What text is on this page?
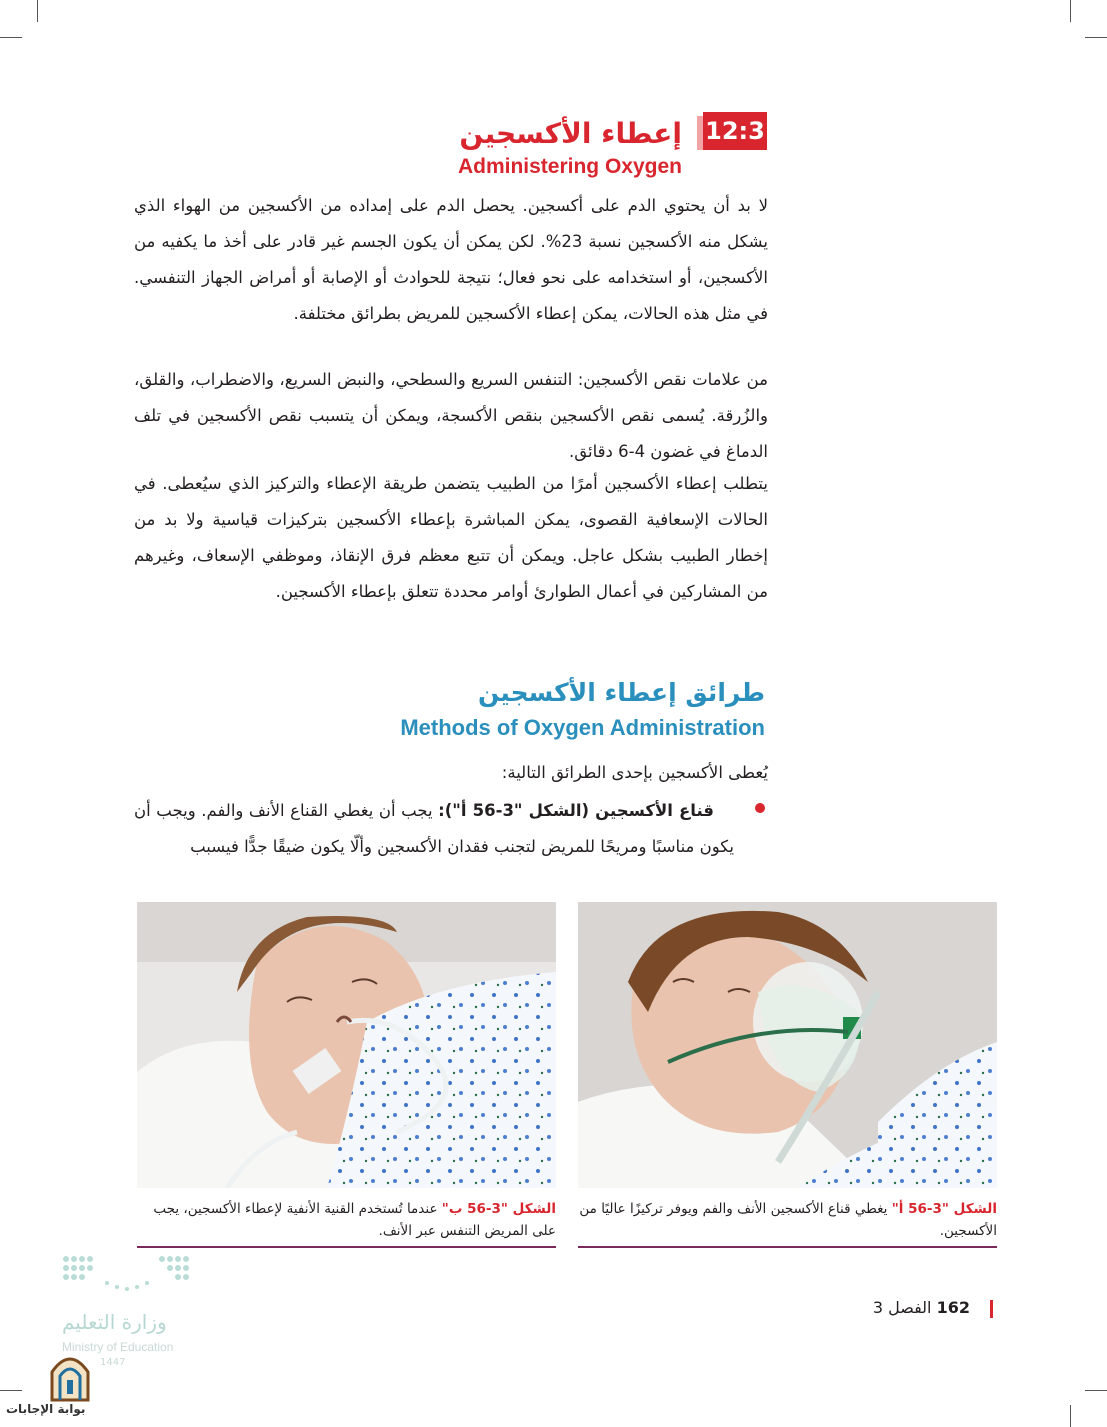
12:3
إعطاء الأكسجين
Administering Oxygen
لا بد أن يحتوي الدم على أكسجين. يحصل الدم على إمداده من الأكسجين من الهواء الذي يشكل منه الأكسجين نسبة 23%. لكن يمكن أن يكون الجسم غير قادر على أخذ ما يكفيه من الأكسجين، أو استخدامه على نحو فعال؛ نتيجة للحوادث أو الإصابة أو أمراض الجهاز التنفسي. في مثل هذه الحالات، يمكن إعطاء الأكسجين للمريض بطرائق مختلفة.
من علامات نقص الأكسجين: التنفس السريع والسطحي، والنبض السريع، والاضطراب، والقلق، والزُرقة. يُسمى نقص الأكسجين بنقص الأكسجة، ويمكن أن يتسبب نقص الأكسجين في تلف الدماغ في غضون 4-6 دقائق.
يتطلب إعطاء الأكسجين أمرًا من الطبيب يتضمن طريقة الإعطاء والتركيز الذي سيُعطى. في الحالات الإسعافية القصوى، يمكن المباشرة بإعطاء الأكسجين بتركيزات قياسية ولا بد من إخطار الطبيب بشكل عاجل. ويمكن أن تتبع معظم فرق الإنقاذ، وموظفي الإسعاف، وغيرهم من المشاركين في أعمال الطوارئ أوامر محددة تتعلق بإعطاء الأكسجين.
طرائق إعطاء الأكسجين
Methods of Oxygen Administration
يُعطى الأكسجين بإحدى الطرائق التالية:
قناع الأكسجين (الشكل "3-56 أ"): يجب أن يغطي القناع الأنف والفم. ويجب أن يكون مناسبًا ومريحًا للمريض لتجنب فقدان الأكسجين وألّا يكون ضيقًا جدًّا فيسبب
الشكل "3-56 ب" عندما تُستخدم القنية الأنفية لإعطاء الأكسجين، يجب على المريض التنفس عبر الأنف.
الشكل "3-56 أ" يغطي قناع الأكسجين الأنف والفم ويوفر تركيزًا عاليًا من الأكسجين.
162 الفصل 3
وزارة التعليم
Ministry of Education
1447
بوابة الإجابات
